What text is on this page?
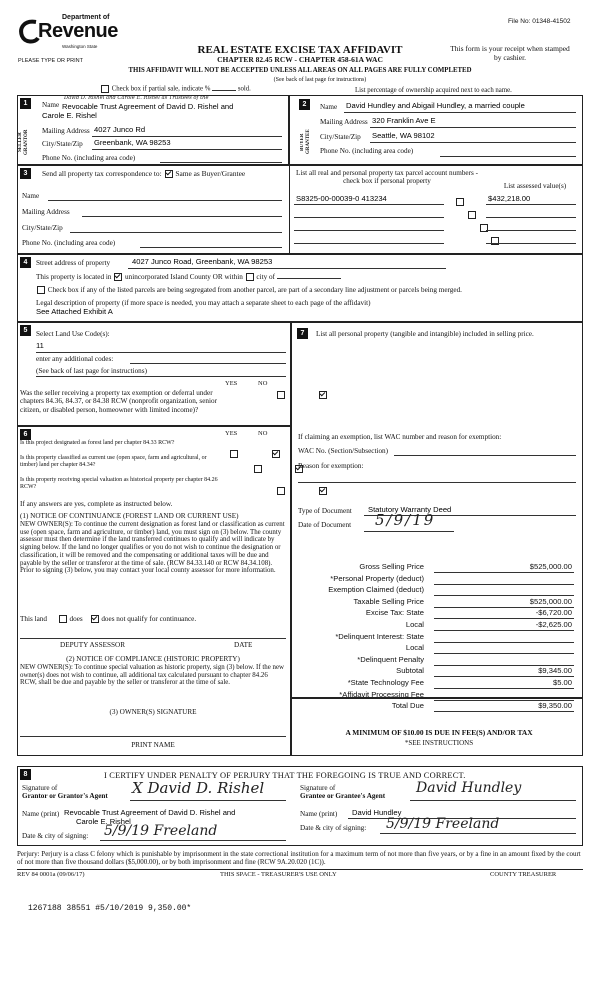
Department of
Revenue
Washington State
PLEASE TYPE OR PRINT
File No: 01348-41502
REAL ESTATE EXCISE TAX AFFIDAVIT
CHAPTER 82.45 RCW - CHAPTER 458-61A WAC
This form is your receipt when stamped by cashier.
THIS AFFIDAVIT WILL NOT BE ACCEPTED UNLESS ALL AREAS ON ALL PAGES ARE FULLY COMPLETED
(See back of last page for instructions)
Check box if partial sale, indicate %	sold.	List percentage of ownership acquired next to each name.
1
SELLER GRANTOR
Name
David D. Rishel and Carole E. Rishel as Trustees of the
Revocable Trust Agreement of David D. Rishel and
Carole E. Rishel
Mailing Address 4027 Junco Rd
City/State/Zip Greenbank, WA 98253
Phone No. (including area code)
2
BUYER GRANTEE
Name David Hundley and Abigail Hundley, a married couple
Mailing Address 320 Franklin Ave E
City/State/Zip Seattle, WA 98102
Phone No. (including area code)
3	Send all property tax correspondence to: Same as Buyer/Grantee
Name
Mailing Address
City/State/Zip
Phone No. (including area code)
List all real and personal property tax parcel account numbers - check box if personal property
List assessed value(s)
S8325-00-00039-0 413234	$432,218.00

4	Street address of property	4027 Junco Road, Greenbank, WA 98253
This property is located in unincorporated Island County OR within city of
Check box if any of the listed parcels are being segregated from another parcel, are part of a secondary line adjustment or parcels being merged.
Legal description of property (if more space is needed, you may attach a separate sheet to each page of the affidavit)
See Attached Exhibit A
5	Select Land Use Code(s):
11
enter any additional codes:
(See back of last page for instructions)
YES	NO
Was the seller receiving a property tax exemption or deferral under chapters 84.36, 84.37, or 84.38 RCW (nonprofit organization, senior citizen, or disabled person, homeowner with limited income)?

7	List all personal property (tangible and intangible) included in selling price.
If claiming an exemption, list WAC number and reason for exemption:
WAC No. (Section/Subsection)
Reason for exemption:
Type of Document Statutory Warranty Deed
Date of Document 5/9/19
Gross Selling Price	$525,000.00
*Personal Property (deduct)
Exemption Claimed (deduct)
Taxable Selling Price	$525,000.00
Excise Tax: State	-$6,720.00
Local	-$2,625.00
*Delinquent Interest: State
Local
*Delinquent Penalty
Subtotal	$9,345.00
*State Technology Fee	$5.00
*Affidavit Processing Fee
Total Due	$9,350.00
A MINIMUM OF $10.00 IS DUE IN FEE(S) AND/OR TAX
*SEE INSTRUCTIONS
6	YES	NO
Is this project designated as forest land per chapter 84.33 RCW?

Is this property classified as current use (open space, farm and agricultural, or timber) land per chapter 84.34?

Is this property receiving special valuation as historical property per chapter 84.26 RCW?

If any answers are yes, complete as instructed below.
(1) NOTICE OF CONTINUANCE (FOREST LAND OR CURRENT USE)
NEW OWNER(S): To continue the current designation as forest land or classification as current use (open space, farm and agriculture, or timber) land, you must sign on (3) below. The county assessor must then determine if the land transferred continues to qualify and will indicate by signing below. If the land no longer qualifies or you do not wish to continue the designation or classification, it will be removed and the compensating or additional taxes will be due and payable by the seller or transferor at the time of sale. (RCW 84.33.140 or RCW 84.34.108). Prior to signing (3) below, you may contact your local county assessor for more information.
This land	does	does not qualify for continuance.
DEPUTY ASSESSOR	DATE
(2) NOTICE OF COMPLIANCE (HISTORIC PROPERTY)
NEW OWNER(S): To continue special valuation as historic property, sign (3) below. If the new owner(s) does not wish to continue, all additional tax calculated pursuant to chapter 84.26 RCW, shall be due and payable by the seller or transferor at the time of sale.
(3) OWNER(S) SIGNATURE
PRINT NAME
8	I CERTIFY UNDER PENALTY OF PERJURY THAT THE FOREGOING IS TRUE AND CORRECT.
Signature of
Grantor or Grantor's Agent X David D. Rishel
Name (print) Revocable Trust Agreement of David D. Rishel and
Carole E. Rishel
Date & city of signing: 5/9/19 Freeland
Signature of
Grantee or Grantee's Agent
David Hundley
Name (print) David Hundley
Date & city of signing: 5/9/19 Freeland
Perjury: Perjury is a class C felony which is punishable by imprisonment in the state correctional institution for a maximum term of not more than five years, or by a fine in an amount fixed by the court of not more than five thousand dollars ($5,000.00), or by both imprisonment and fine (RCW 9A.20.020 (1C)).
REV 84 0001a (09/06/17)	THIS SPACE - TREASURER'S USE ONLY	COUNTY TREASURER
1267188 38551 #5/10/2019 9,350.00*
